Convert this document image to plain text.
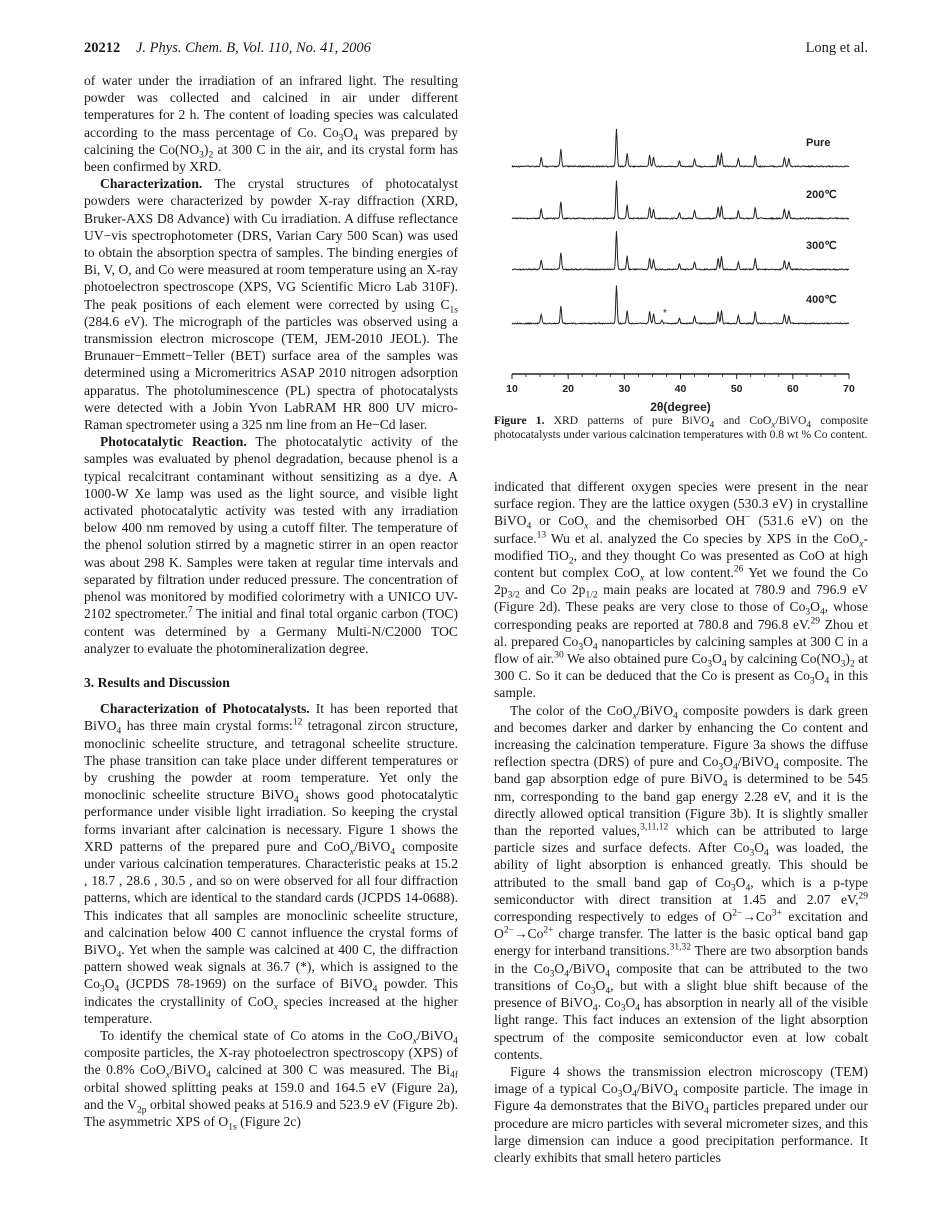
20212 J. Phys. Chem. B, Vol. 110, No. 41, 2006	Long et al.

of water under the irradiation of an infrared light. The resulting powder was collected and calcined in air under different temperatures for 2 h. The content of loading species was calculated according to the mass percentage of Co. $Co_3O_4$ was prepared by calcining the $Co(NO_3)_2$ at 300 C in the air, and its crystal form has been confirmed by XRD.

Characterization. The crystal structures of photocatalyst powders were characterized by powder X-ray diffraction (XRD, Bruker-AXS D8 Advance) with Cu irradiation. A diffuse reflectance UV−vis spectrophotometer (DRS, Varian Cary 500 Scan) was used to obtain the absorption spectra of samples. The binding energies of Bi, V, O, and Co were measured at room temperature using an X-ray photoelectron spectroscope (XPS, VG Scientific Micro Lab 310F). The peak positions of each element were corrected by using $C_{1s}$ (284.6 eV). The micrograph of the particles was observed using a transmission electron microscope (TEM, JEM-2010 JEOL). The Brunauer−Emmett−Teller (BET) surface area of the samples was determined using a Micromeritrics ASAP 2010 nitrogen adsorption apparatus. The photoluminescence (PL) spectra of photocatalysts were detected with a Jobin Yvon LabRAM HR 800 UV micro-Raman spectrometer using a 325 nm line from an He−Cd laser.

Photocatalytic Reaction. The photocatalytic activity of the samples was evaluated by phenol degradation, because phenol is a typical recalcitrant contaminant without sensitizing as a dye. A 1000-W Xe lamp was used as the light source, and visible light activated photocatalytic activity was tested with any irradiation below 400 nm removed by using a cutoff filter. The temperature of the phenol solution stirred by a magnetic stirrer in an open reactor was about 298 K. Samples were taken at regular time intervals and separated by filtration under reduced pressure. The concentration of phenol was monitored by modified colorimetry with a UNICO UV-2102 spectrometer.$^7$ The initial and final total organic carbon (TOC) content was determined by a Germany Multi-N/C2000 TOC analyzer to evaluate the photomineralization degree.

3. Results and Discussion

Characterization of Photocatalysts. It has been reported that BiVO$_4$ has three main crystal forms:$^{12}$ tetragonal zircon structure, monoclinic scheelite structure, and tetragonal scheelite structure. The phase transition can take place under different temperatures or by crushing the powder at room temperature. Yet only the monoclinic scheelite structure BiVO$_4$ shows good photocatalytic performance under visible light irradiation. So keeping the crystal forms invariant after calcination is necessary. Figure 1 shows the XRD patterns of the prepared pure and CoO$_x$/BiVO$_4$ composite under various calcination temperatures. Characteristic peaks at 15.2 , 18.7 , 28.6 , 30.5 , and so on were observed for all four diffraction patterns, which are identical to the standard cards (JCPDS 14-0688). This indicates that all samples are monoclinic scheelite structure, and calcination below 400 C cannot influence the crystal forms of BiVO$_4$. Yet when the sample was calcined at 400 C, the diffraction pattern showed weak signals at 36.7 (*), which is assigned to the $Co_3O_4$ (JCPDS 78-1969) on the surface of BiVO$_4$ powder. This indicates the crystallinity of CoO$_x$ species increased at the higher temperature.

To identify the chemical state of Co atoms in the CoO$_x$/BiVO$_4$ composite particles, the X-ray photoelectron spectroscopy (XPS) of the 0.8% CoO$_x$/BiVO$_4$ calcined at 300 C was measured. The $Bi_{4f}$ orbital showed splitting peaks at 159.0 and 164.5 eV (Figure 2a), and the $V_{2p}$ orbital showed peaks at 516.9 and 523.9 eV (Figure 2b). The asymmetric XPS of $O_{1s}$ (Figure 2c)

Pure
200℃
300℃
400℃
*
10	20	30	40	50	60	70
2θ(degree)
Figure 1. XRD patterns of pure BiVO$_4$ and CoO$_x$/BiVO$_4$ composite photocatalysts under various calcination temperatures with 0.8 wt % Co content.

indicated that different oxygen species were present in the near surface region. They are the lattice oxygen (530.3 eV) in crystalline BiVO$_4$ or CoO$_x$ and the chemisorbed OH− (531.6 eV) on the surface.$^{13}$ Wu et al. analyzed the Co species by XPS in the CoO$_x$-modified TiO$_2$, and they thought Co was presented as CoO at high content but complex CoO$_x$ at low content.$^{26}$ Yet we found the Co $2p_{3/2}$ and Co $2p_{1/2}$ main peaks are located at 780.9 and 796.9 eV (Figure 2d). These peaks are very close to those of $Co_3O_4$, whose corresponding peaks are reported at 780.8 and 796.8 eV.$^{29}$ Zhou et al. prepared $Co_3O_4$ nanoparticles by calcining samples at 300 C in a flow of air.$^{30}$ We also obtained pure $Co_3O_4$ by calcining $Co(NO_3)_2$ at 300 C. So it can be deduced that the Co is present as $Co_3O_4$ in this sample.

The color of the CoO$_x$/BiVO$_4$ composite powders is dark green and becomes darker and darker by enhancing the Co content and increasing the calcination temperature. Figure 3a shows the diffuse reflection spectra (DRS) of pure and $Co_3O_4/BiVO_4$ composite. The band gap absorption edge of pure BiVO$_4$ is determined to be 545 nm, corresponding to the band gap energy 2.28 eV, and it is the directly allowed optical transition (Figure 3b). It is slightly smaller than the reported values,$^{3,11,12}$ which can be attributed to large particle sizes and surface defects. After $Co_3O_4$ was loaded, the ability of light absorption is enhanced greatly. This should be attributed to the small band gap of $Co_3O_4$, which is a p-type semiconductor with direct transition at 1.45 and 2.07 eV,$^{29}$ corresponding respectively to edges of $O^{2-}\to Co^{3+}$ excitation and $O^{2-}\to Co^{2+}$ charge transfer. The latter is the basic optical band gap energy for interband transitions.$^{31,32}$ There are two absorption bands in the $Co_3O_4/BiVO_4$ composite that can be attributed to the two transitions of $Co_3O_4$, but with a slight blue shift because of the presence of BiVO$_4$. $Co_3O_4$ has absorption in nearly all of the visible light range. This fact induces an extension of the light absorption spectrum of the composite semiconductor even at low cobalt contents.

Figure 4 shows the transmission electron microscopy (TEM) image of a typical $Co_3O_4/BiVO_4$ composite particle. The image in Figure 4a demonstrates that the BiVO$_4$ particles prepared under our procedure are micro particles with several micrometer sizes, and this large dimension can induce a good precipitation performance. It clearly exhibits that small hetero particles
